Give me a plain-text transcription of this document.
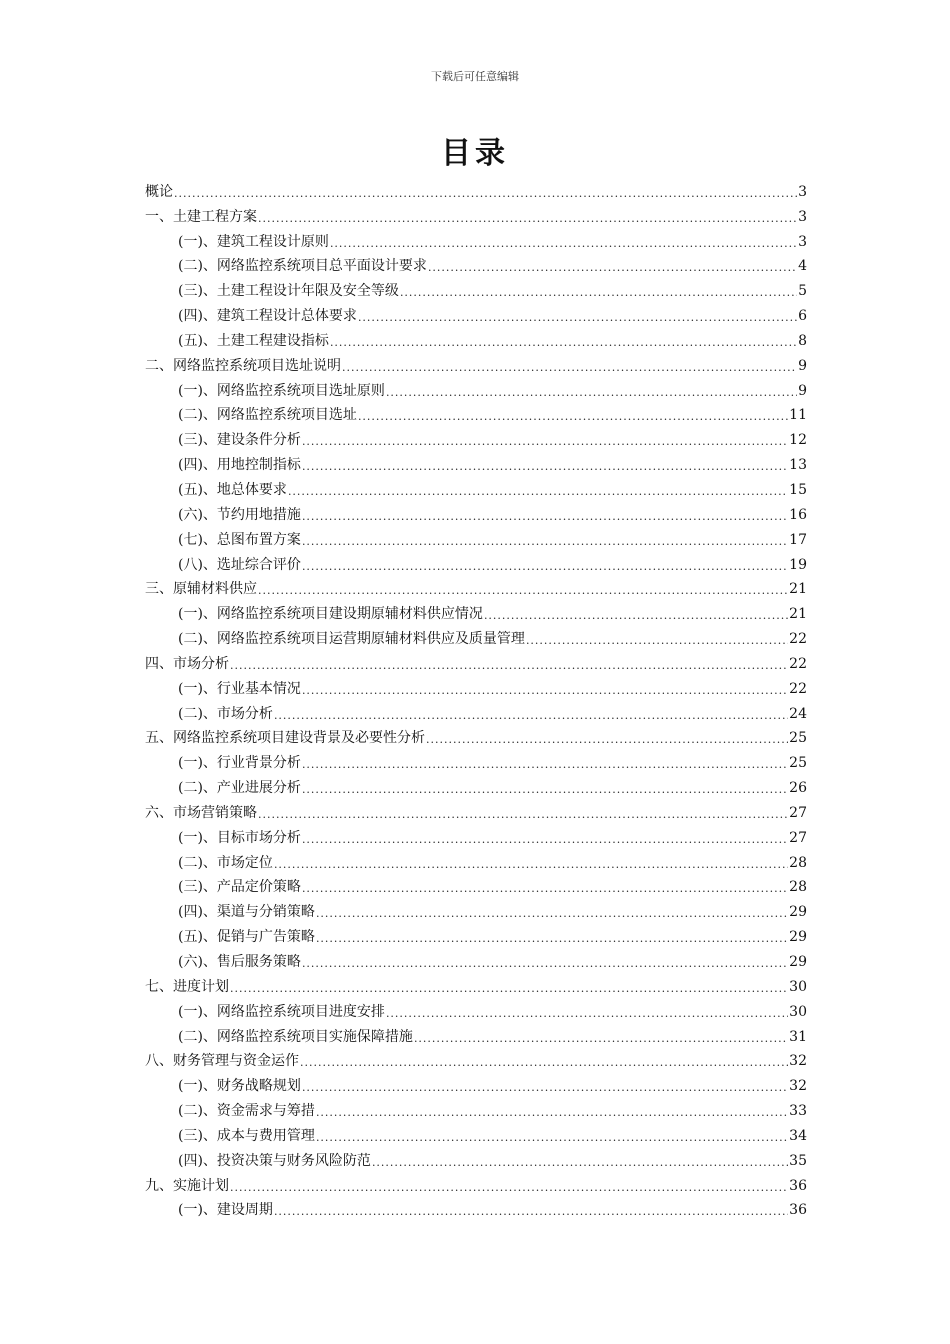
下载后可任意编辑
目录
概论 .....	3
一、土建工程方案 .....	3
(一)、建筑工程设计原则 .....	3
(二)、网络监控系统项目总平面设计要求 .....	4
(三)、土建工程设计年限及安全等级 .....	5
(四)、建筑工程设计总体要求 .....	6
(五)、土建工程建设指标 .....	8
二、网络监控系统项目选址说明 .....	9
(一)、网络监控系统项目选址原则 .....	9
(二)、网络监控系统项目选址 .....	11
(三)、建设条件分析 .....	12
(四)、用地控制指标 .....	13
(五)、地总体要求 .....	15
(六)、节约用地措施 .....	16
(七)、总图布置方案 .....	17
(八)、选址综合评价 .....	19
三、原辅材料供应 .....	21
(一)、网络监控系统项目建设期原辅材料供应情况 .....	21
(二)、网络监控系统项目运营期原辅材料供应及质量管理 .....	22
四、市场分析 .....	22
(一)、行业基本情况 .....	22
(二)、市场分析 .....	24
五、网络监控系统项目建设背景及必要性分析 .....	25
(一)、行业背景分析 .....	25
(二)、产业进展分析 .....	26
六、市场营销策略 .....	27
(一)、目标市场分析 .....	27
(二)、市场定位 .....	28
(三)、产品定价策略 .....	28
(四)、渠道与分销策略 .....	29
(五)、促销与广告策略 .....	29
(六)、售后服务策略 .....	29
七、进度计划 .....	30
(一)、网络监控系统项目进度安排 .....	30
(二)、网络监控系统项目实施保障措施 .....	31
八、财务管理与资金运作 .....	32
(一)、财务战略规划 .....	32
(二)、资金需求与筹措 .....	33
(三)、成本与费用管理 .....	34
(四)、投资决策与财务风险防范 .....	35
九、实施计划 .....	36
(一)、建设周期 .....	36
